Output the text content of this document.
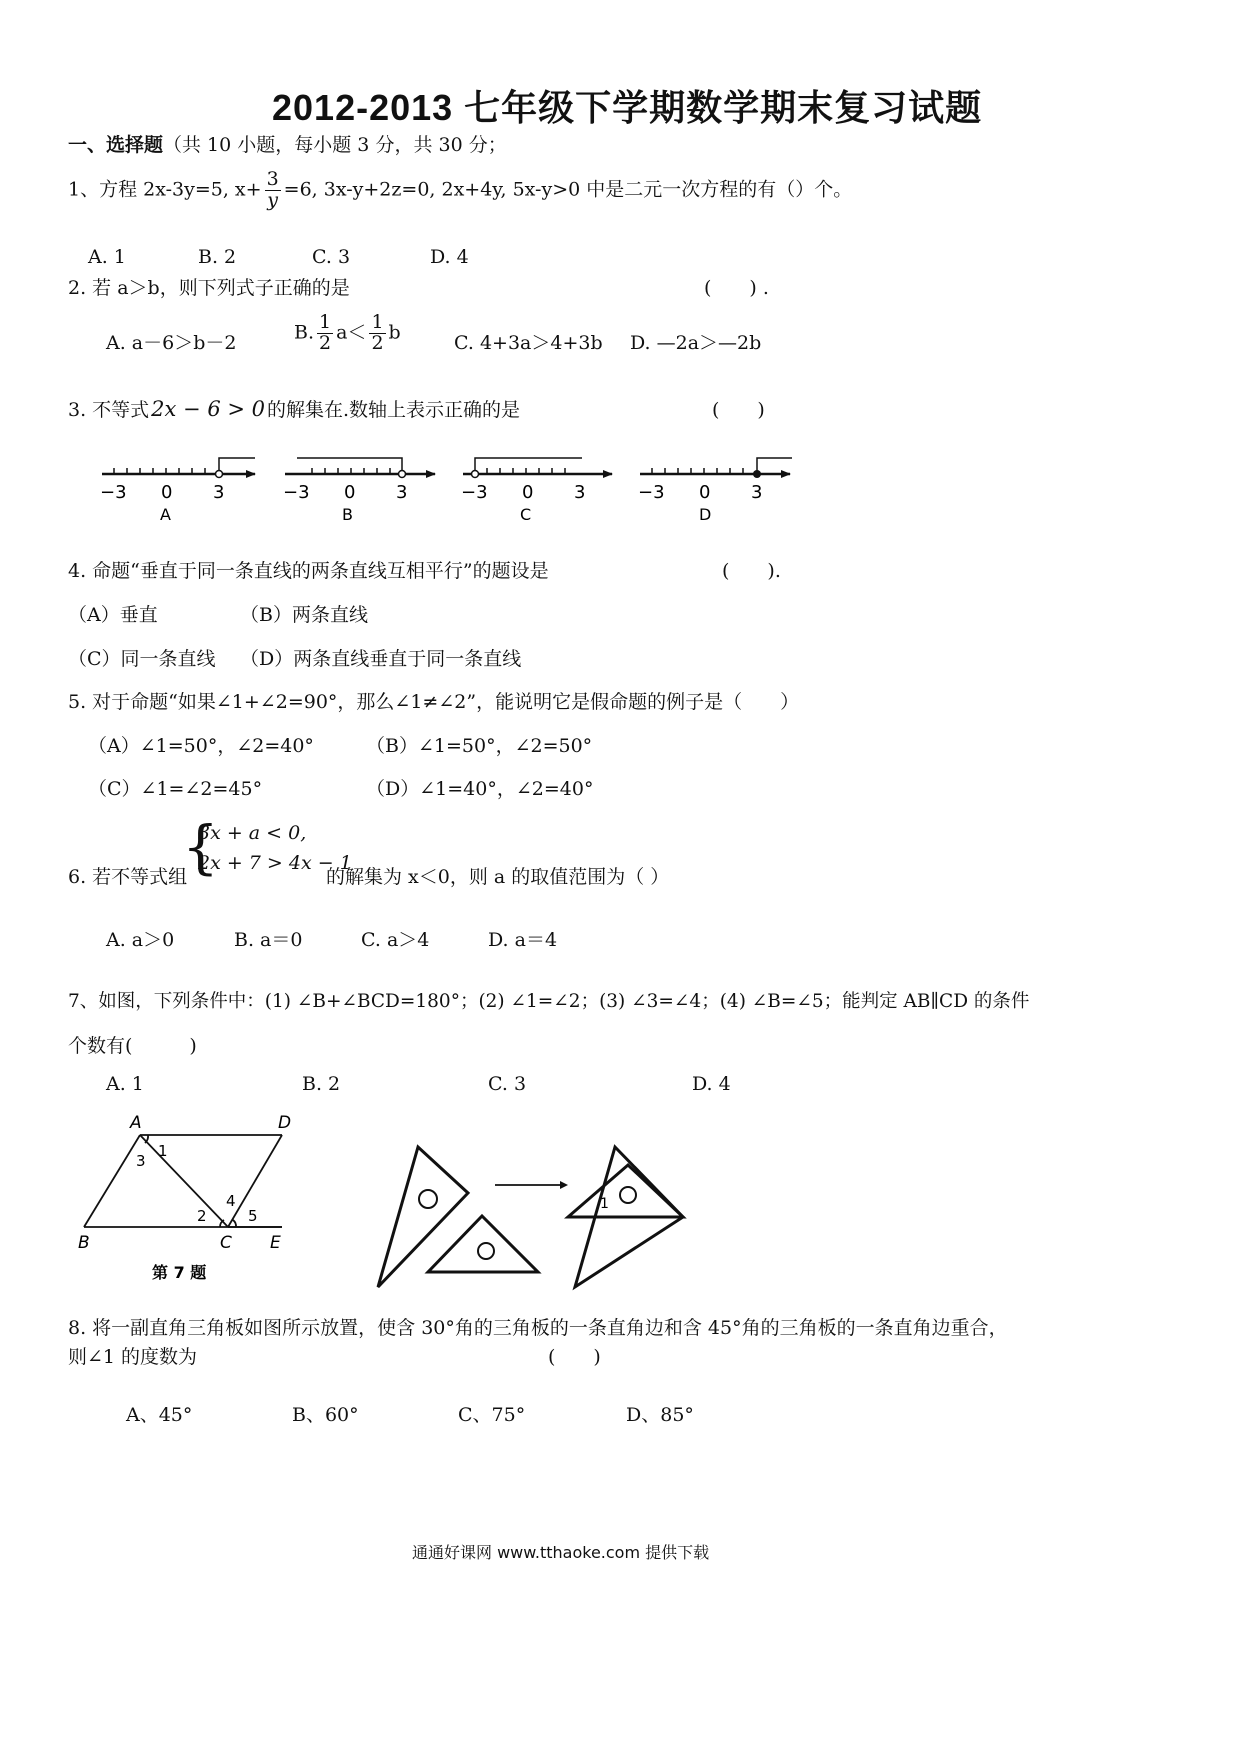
2012-2013 七年级下学期数学期末复习试题
一、选择题（共 10 小题，每小题 3 分，共 30 分；
1、方程 2x-3y=5, $x+ \frac{3}{y} =6$, 3x-y+2z=0, 2x+4y, 5x-y>0 中是二元一次方程的有（）个。
A. 1	B. 2	C. 3	D. 4
2. 若 a＞b，则下列式子正确的是	(　　) .
A. a－6＞b－2	B. $\frac{1}{2} a< \frac{1}{2}$ b	C. 4+3a＞4+3b D. —2a＞—2b
3. 不等式2x − 6 > 0 的解集在.数轴上表示正确的是	(　　)
−3 0 3
A
−3 0 3
B
−3 0 3
C
−3 0 3
D
4. 命题“垂直于同一条直线的两条直线互相平行”的题设是	(　　).
（A）垂直	（B）两条直线
（C）同一条直线 （D）两条直线垂直于同一条直线
5. 对于命题“如果∠1+∠2=90°，那么∠1≠∠2”，能说明它是假命题的例子是（　　）
（A）∠1=50°，∠2=40°	（B）∠1=50°，∠2=50°
（C）∠1=∠2=45°	（D）∠1=40°，∠2=40°
6. 若不等式组
{
3x + a < 0,
2x + 7 > 4x − 1
的解集为 x＜0，则 a 的取值范围为（ ）
A. a＞0	B. a＝0	C. a＞4	D. a＝4
7、如图，下列条件中：(1) ∠B+∠BCD=180°；(2) ∠1=∠2；(3) ∠3=∠4；(4) ∠B=∠5；能判定 AB∥CD 的条件
个数有(　　　)
A. 1	B. 2	C. 3	D. 4
A	D
B	C E
1
2
3
4
5
第 7 题
1
8. 将一副直角三角板如图所示放置，使含 30°角的三角板的一条直角边和含 45°角的三角板的一条直角边重合，
则∠1 的度数为	(　　)
A、45°	B、60°	C、75°	D、85°
通通好课网 www.tthaoke.com 提供下载
